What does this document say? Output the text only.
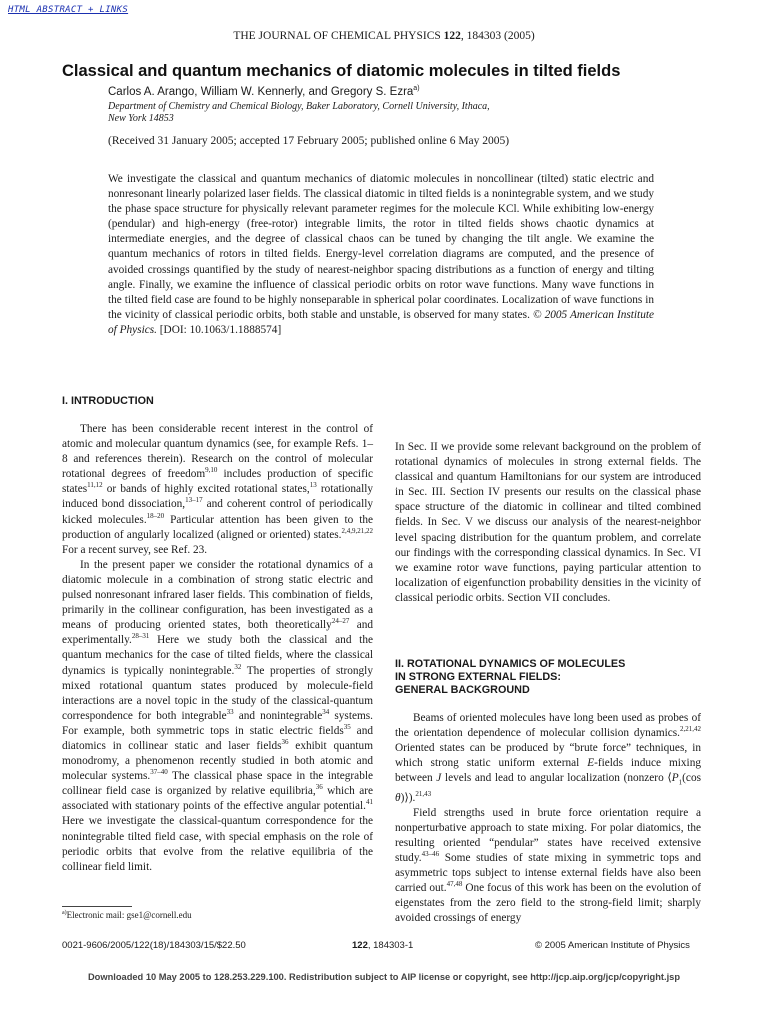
HTML ABSTRACT + LINKS
THE JOURNAL OF CHEMICAL PHYSICS 122, 184303 (2005)
Classical and quantum mechanics of diatomic molecules in tilted fields
Carlos A. Arango, William W. Kennerly, and Gregory S. Ezra$^{a)}$
Department of Chemistry and Chemical Biology, Baker Laboratory, Cornell University, Ithaca,
New York 14853
(Received 31 January 2005; accepted 17 February 2005; published online 6 May 2005)
We investigate the classical and quantum mechanics of diatomic molecules in noncollinear (tilted) static electric and nonresonant linearly polarized laser fields. The classical diatomic in tilted fields is a nonintegrable system, and we study the phase space structure for physically relevant parameter regimes for the molecule KCl. While exhibiting low-energy (pendular) and high-energy (free-rotor) integrable limits, the rotor in tilted fields shows chaotic dynamics at intermediate energies, and the degree of classical chaos can be tuned by changing the tilt angle. We examine the quantum mechanics of rotors in tilted fields. Energy-level correlation diagrams are computed, and the presence of avoided crossings quantified by the study of nearest-neighbor spacing distributions as a function of energy and tilting angle. Finally, we examine the influence of classical periodic orbits on rotor wave functions. Many wave functions in the tilted field case are found to be highly nonseparable in spherical polar coordinates. Localization of wave functions in the vicinity of classical periodic orbits, both stable and unstable, is observed for many states. © 2005 American Institute of Physics. [DOI: 10.1063/1.1888574]
I. INTRODUCTION

There has been considerable recent interest in the control of atomic and molecular quantum dynamics (see, for example Refs. 1–8 and references therein). Research on the control of molecular rotational degrees of freedom$^{9,10}$ includes production of specific states$^{11,12}$ or bands of highly excited rotational states,$^{13}$ rotationally induced bond dissociation,$^{13-17}$ and coherent control of periodically kicked molecules.$^{18-20}$ Particular attention has been given to the production of angularly localized (aligned or oriented) states.$^{2,4,9,21,22}$ For a recent survey, see Ref. 23.

In the present paper we consider the rotational dynamics of a diatomic molecule in a combination of strong static electric and pulsed nonresonant infrared laser fields. This combination of fields, primarily in the collinear configuration, has been investigated as a means of producing oriented states, both theoretically$^{24-27}$ and experimentally.$^{28-31}$ Here we study both the classical and the quantum mechanics for the case of tilted fields, where the classical dynamics is typically nonintegrable.$^{32}$ The properties of strongly mixed rotational quantum states produced by molecule-field interactions are a novel topic in the study of the classical-quantum correspondence for both integrable$^{33}$ and nonintegrable$^{34}$ systems. For example, both symmetric tops in static electric fields$^{35}$ and diatomics in collinear static and laser fields$^{36}$ exhibit quantum monodromy, a phenomenon recently studied in both atomic and molecular systems.$^{37-40}$ The classical phase space in the integrable collinear field case is organized by relative equilibria,$^{36}$ which are associated with stationary points of the effective angular potential.$^{41}$ Here we investigate the classical-quantum correspondence for the nonintegrable tilted field case, with special emphasis on the role of periodic orbits that evolve from the relative equilibria of the collinear field limit.

In Sec. II we provide some relevant background on the problem of rotational dynamics of molecules in strong external fields. The classical and quantum Hamiltonians for our system are introduced in Sec. III. Section IV presents our results on the classical phase space structure of the diatomic in collinear and tilted combined fields. In Sec. V we discuss our analysis of the nearest-neighbor level spacing distribution for the quantum problem, and correlate our findings with the corresponding classical dynamics. In Sec. VI we examine rotor wave functions, paying particular attention to localization of eigenfunction probability densities in the vicinity of classical periodic orbits. Section VII concludes.

II. ROTATIONAL DYNAMICS OF MOLECULES
IN STRONG EXTERNAL FIELDS:
GENERAL BACKGROUND

Beams of oriented molecules have long been used as probes of the orientation dependence of molecular collision dynamics.$^{2,21,42}$ Oriented states can be produced by “brute force” techniques, in which strong static uniform external E-fields induce mixing between J levels and lead to angular localization (nonzero $⟨P_1(\cos$ θ)⟩).$^{21,43}$

Field strengths used in brute force orientation require a nonperturbative approach to state mixing. For polar diatomics, the resulting oriented “pendular” states have received extensive study.$^{43-46}$ Some studies of state mixing in symmetric tops and asymmetric tops subject to intense external fields have also been carried out.$^{47,48}$ One focus of this work has been on the evolution of eigenstates from the zero field to the strong-field limit; sharply avoided crossings of energy

$^{a)}$Electronic mail: gse1@cornell.edu
0021-9606/2005/122(18)/184303/15/$22.50	122, 184303-1	© 2005 American Institute of Physics
Downloaded 10 May 2005 to 128.253.229.100. Redistribution subject to AIP license or copyright, see http://jcp.aip.org/jcp/copyright.jsp
